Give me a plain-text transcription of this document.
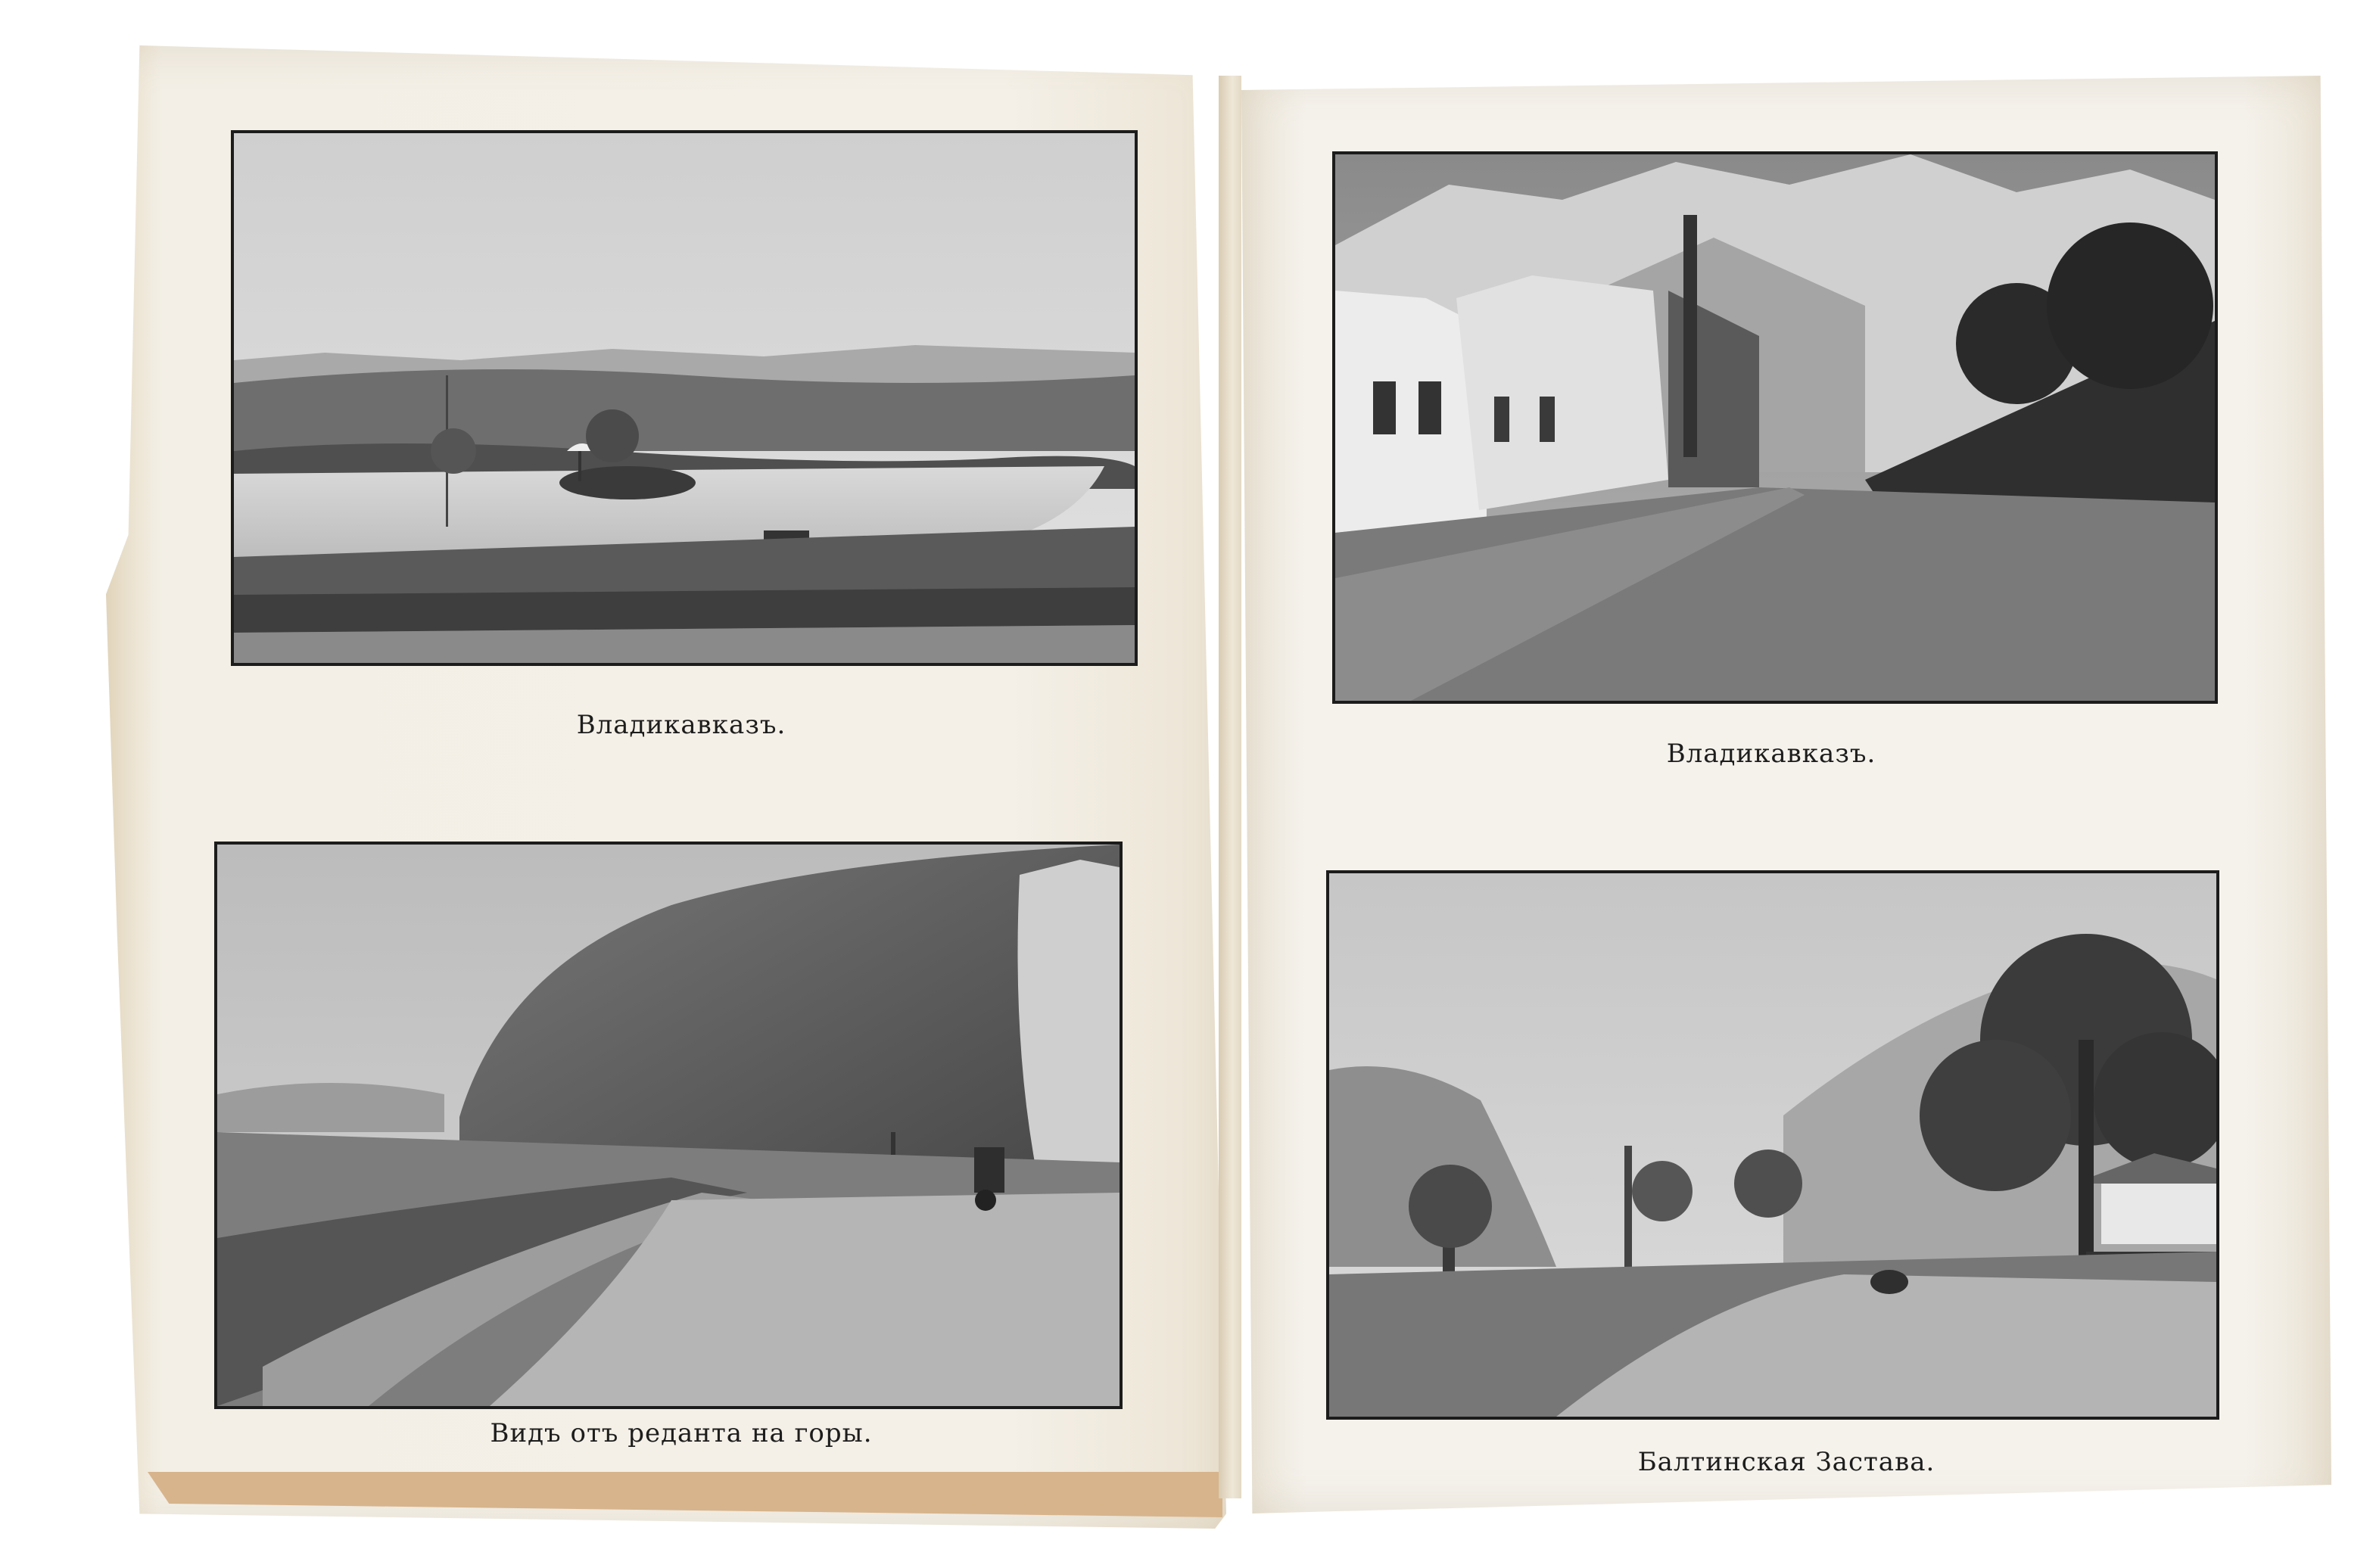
Владикавказъ.
Видъ отъ реданта на горы.
Владикавказъ.
Балтинская Застава.
